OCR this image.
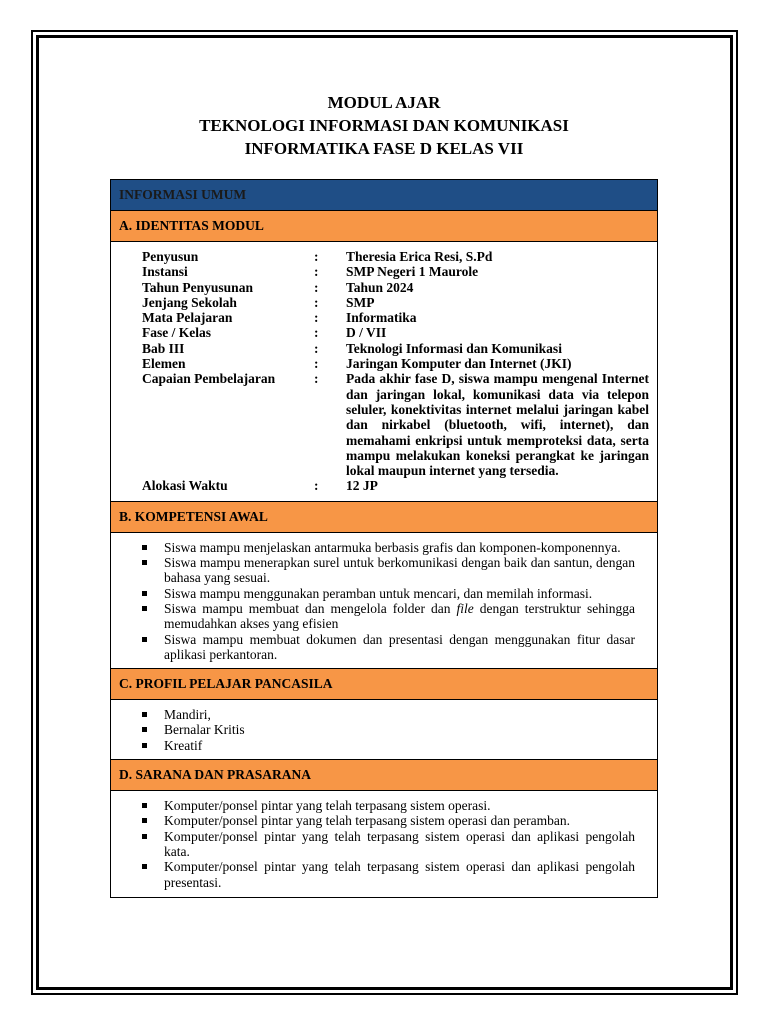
MODUL AJAR
TEKNOLOGI INFORMASI DAN KOMUNIKASI
INFORMATIKA FASE D KELAS VII
INFORMASI UMUM
A. IDENTITAS MODUL
Penyusun	:	Theresia Erica Resi, S.Pd
Instansi	:	SMP Negeri 1 Maurole
Tahun Penyusunan	:	Tahun 2024
Jenjang Sekolah	:	SMP
Mata Pelajaran	:	Informatika
Fase / Kelas	:	D / VII
Bab III	:	Teknologi Informasi dan Komunikasi
Elemen	:	Jaringan Komputer dan Internet (JKI)
Capaian Pembelajaran	:	Pada akhir fase D, siswa mampu mengenal Internet dan jaringan lokal, komunikasi data via telepon seluler, konektivitas internet melalui jaringan kabel dan nirkabel (bluetooth, wifi, internet), dan memahami enkripsi untuk memproteksi data, serta mampu melakukan koneksi perangkat ke jaringan lokal maupun internet yang tersedia.
Alokasi Waktu	:	12 JP
B. KOMPETENSI AWAL
Siswa mampu menjelaskan antarmuka berbasis grafis dan komponen-komponennya.
Siswa mampu menerapkan surel untuk berkomunikasi dengan baik dan santun, dengan bahasa yang sesuai.
Siswa mampu menggunakan peramban untuk mencari, dan memilah informasi.
Siswa mampu membuat dan mengelola folder dan file dengan terstruktur sehingga memudahkan akses yang efisien
Siswa mampu membuat dokumen dan presentasi dengan menggunakan fitur dasar aplikasi perkantoran.
C. PROFIL PELAJAR PANCASILA
Mandiri,
Bernalar Kritis
Kreatif
D. SARANA DAN PRASARANA
Komputer/ponsel pintar yang telah terpasang sistem operasi.
Komputer/ponsel pintar yang telah terpasang sistem operasi dan peramban.
Komputer/ponsel pintar yang telah terpasang sistem operasi dan aplikasi pengolah kata.
Komputer/ponsel pintar yang telah terpasang sistem operasi dan aplikasi pengolah presentasi.
